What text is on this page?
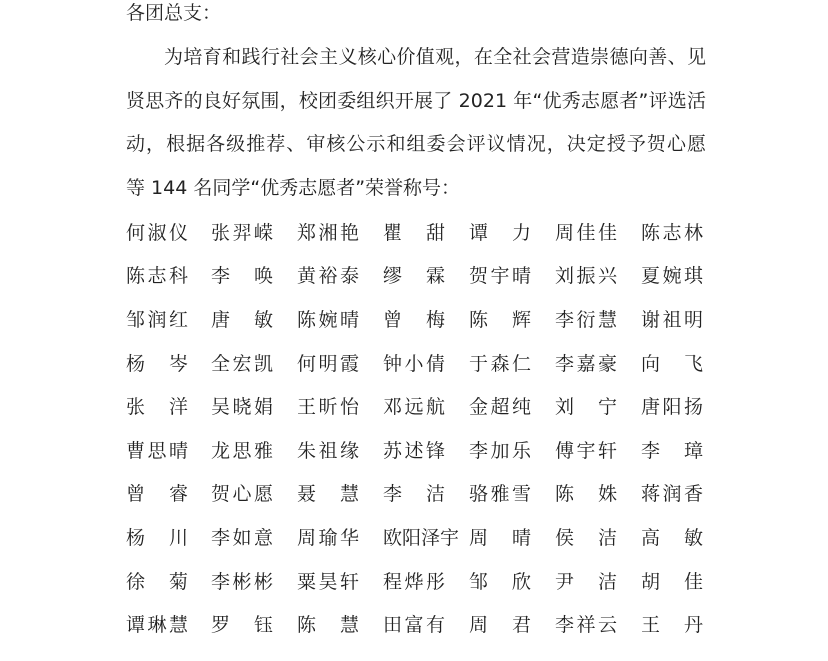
各团总支：
为培育和践行社会主义核心价值观，在全社会营造崇德向善、见
贤思齐的良好氛围，校团委组织开展了 2021 年“优秀志愿者”评选活
动，根据各级推荐、审核公示和组委会评议情况，决定授予贺心愿
等 144 名同学“优秀志愿者”荣誉称号：
何 淑 仪 张 羿 嵘 郑 湘 艳 瞿 甜 谭 力 周 佳 佳 陈 志 林
陈 志 科 李 唤 黄 裕 泰 缪 霖 贺 宇 晴 刘 振 兴 夏 婉 琪
邹 润 红 唐 敏 陈 婉 晴 曾 梅 陈 辉 李 衍 慧 谢 祖 明
杨 岑 全 宏 凯 何 明 霞 钟 小 倩 于 森 仁 李 嘉 豪 向 飞
张 洋 吴 晓 娟 王 昕 怡 邓 远 航 金 超 纯 刘 宁 唐 阳 扬
曹 思 晴 龙 思 雅 朱 祖 缘 苏 述 锋 李 加 乐 傅 宇 轩 李 璋
曾 睿 贺 心 愿 聂 慧 李 洁 骆 雅 雪 陈 姝 蒋 润 香
杨 川 李 如 意 周 瑜 华 欧 阳 泽 宇 周 晴 侯 洁 高 敏
徐 菊 李 彬 彬 粟 昊 轩 程 烨 彤 邹 欣 尹 洁 胡 佳
谭 琳 慧 罗 钰 陈 慧 田 富 有 周 君 李 祥 云 王 丹
